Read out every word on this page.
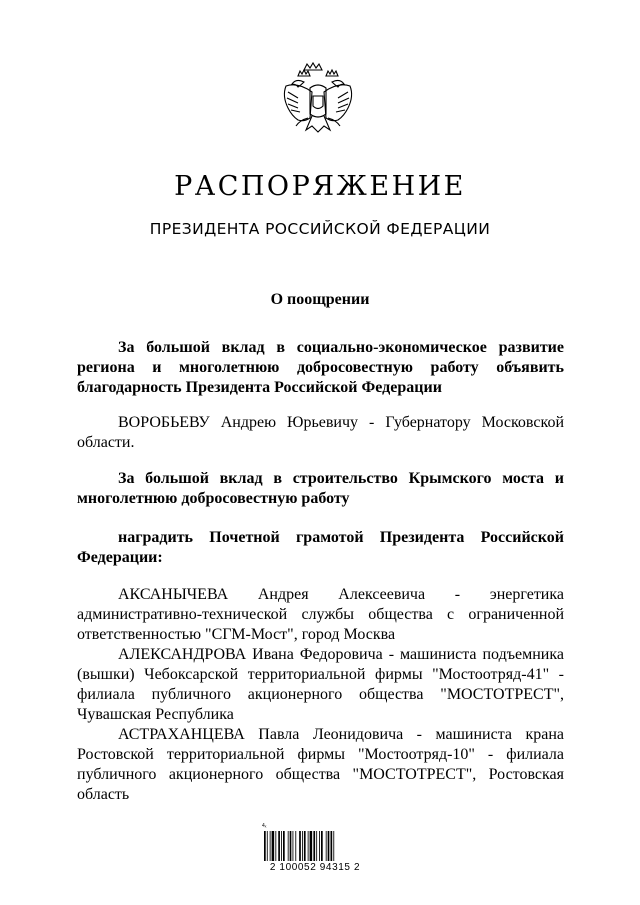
РАСПОРЯЖЕНИЕ
ПРЕЗИДЕНТА РОССИЙСКОЙ ФЕДЕРАЦИИ
О поощрении

За большой вклад в социально-экономическое развитие региона и многолетнюю добросовестную работу объявить благодарность Президента Российской Федерации

ВОРОБЬЕВУ Андрею Юрьевичу - Губернатору Московской области.

За большой вклад в строительство Крымского моста и многолетнюю добросовестную работу

наградить Почетной грамотой Президента Российской Федерации:

АКСАНЫЧЕВА Андрея Алексеевича - энергетика административно-технической службы общества с ограниченной ответственностью "СГМ-Мост", город Москва

АЛЕКСАНДРОВА Ивана Федоровича - машиниста подъемника (вышки) Чебоксарской территориальной фирмы "Мостоотряд-41" - филиала публичного акционерного общества "МОСТОТРЕСТ", Чувашская Республика

АСТРАХАНЦЕВА Павла Леонидовича - машиниста крана Ростовской территориальной фирмы "Мостоотряд-10" - филиала публичного акционерного общества "МОСТОТРЕСТ", Ростовская область

4ₓ
2 100052 94315 2
